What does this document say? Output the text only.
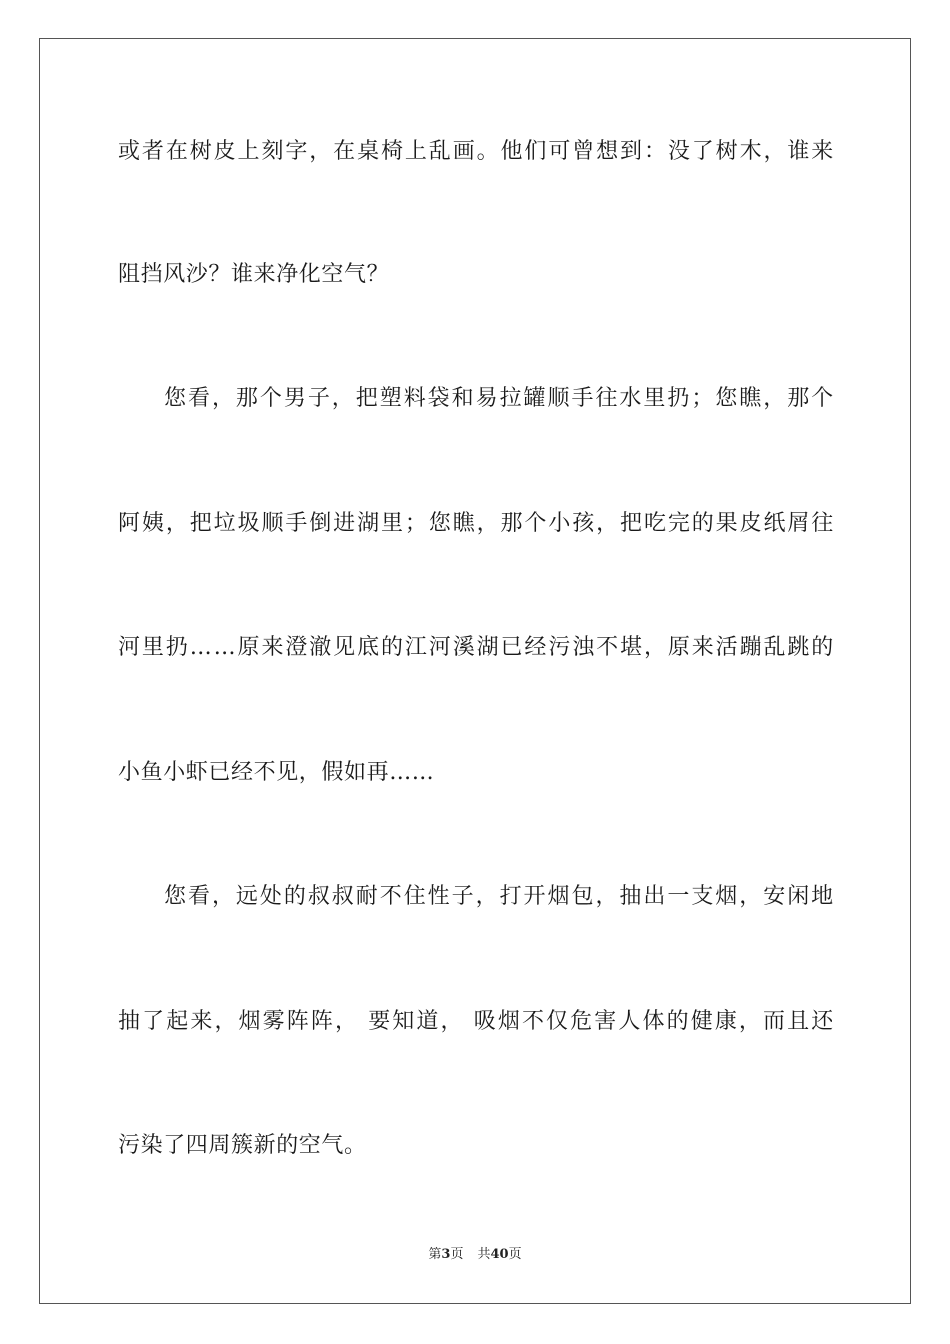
或 者 在 树 皮 上 刻 字 ， 在 桌 椅 上 乱 画 。 他 们 可 曾 想 到 ： 没 了 树 木 ， 谁 来
阻挡风沙？谁来净化空气？
您 看 ， 那 个 男 子 ， 把 塑 料 袋 和 易 拉 罐 顺 手 往 水 里 扔 ； 您 瞧 ， 那 个
阿 姨 ， 把 垃 圾 顺 手 倒 进 湖 里 ； 您 瞧 ， 那 个 小 孩 ， 把 吃 完 的 果 皮 纸 屑 往
河 里 扔 … … 原 来 澄 澈 见 底 的 江 河 溪 湖 已 经 污 浊 不 堪 ， 原 来 活 蹦 乱 跳 的
小鱼小虾已经不见，假如再……
您 看 ， 远 处 的 叔 叔 耐 不 住 性 子 ， 打 开 烟 包 ， 抽 出 一 支 烟 ， 安 闲 地
抽 了 起 来 ， 烟 雾 阵 阵 ，
要 知 道 ，
吸 烟 不 仅 危 害 人 体 的 健 康 ， 而 且 还
污染了四周簇新的空气。
第3页 共40页
